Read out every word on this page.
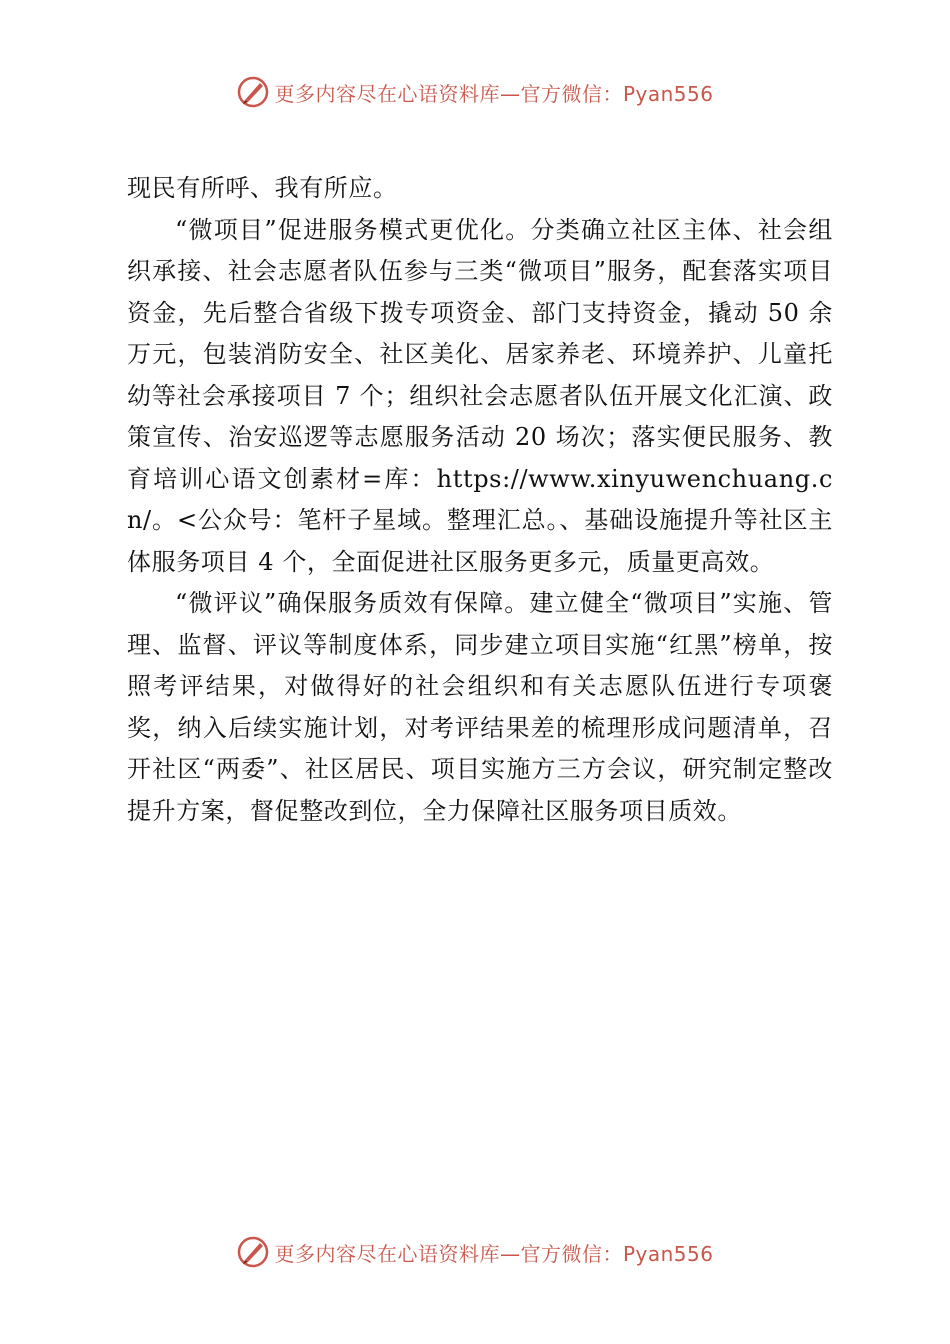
更多内容尽在心语资料库—官方微信：Pyan556

现民有所呼、我有所应。

“微项目”促进服务模式更优化。分类确立社区主体、社会组织承接、社会志愿者队伍参与三类“微项目”服务，配套落实项目资金，先后整合省级下拨专项资金、部门支持资金，撬动 50 余万元，包装消防安全、社区美化、居家养老、环境养护、儿童托幼等社会承接项目 7 个；组织社会志愿者队伍开展文化汇演、政策宣传、治安巡逻等志愿服务活动 20 场次；落实便民服务、教育培训心语文创素材=库：https://www.xinyuwenchuang.cn/。<公众号：笔杆子星域。整理汇总。、基础设施提升等社区主体服务项目 4 个，全面促进社区服务更多元，质量更高效。

“微评议”确保服务质效有保障。建立健全“微项目”实施、管理、监督、评议等制度体系，同步建立项目实施“红黑”榜单，按照考评结果，对做得好的社会组织和有关志愿队伍进行专项褒奖，纳入后续实施计划，对考评结果差的梳理形成问题清单，召开社区“两委”、社区居民、项目实施方三方会议，研究制定整改提升方案，督促整改到位，全力保障社区服务项目质效。

更多内容尽在心语资料库—官方微信：Pyan556
